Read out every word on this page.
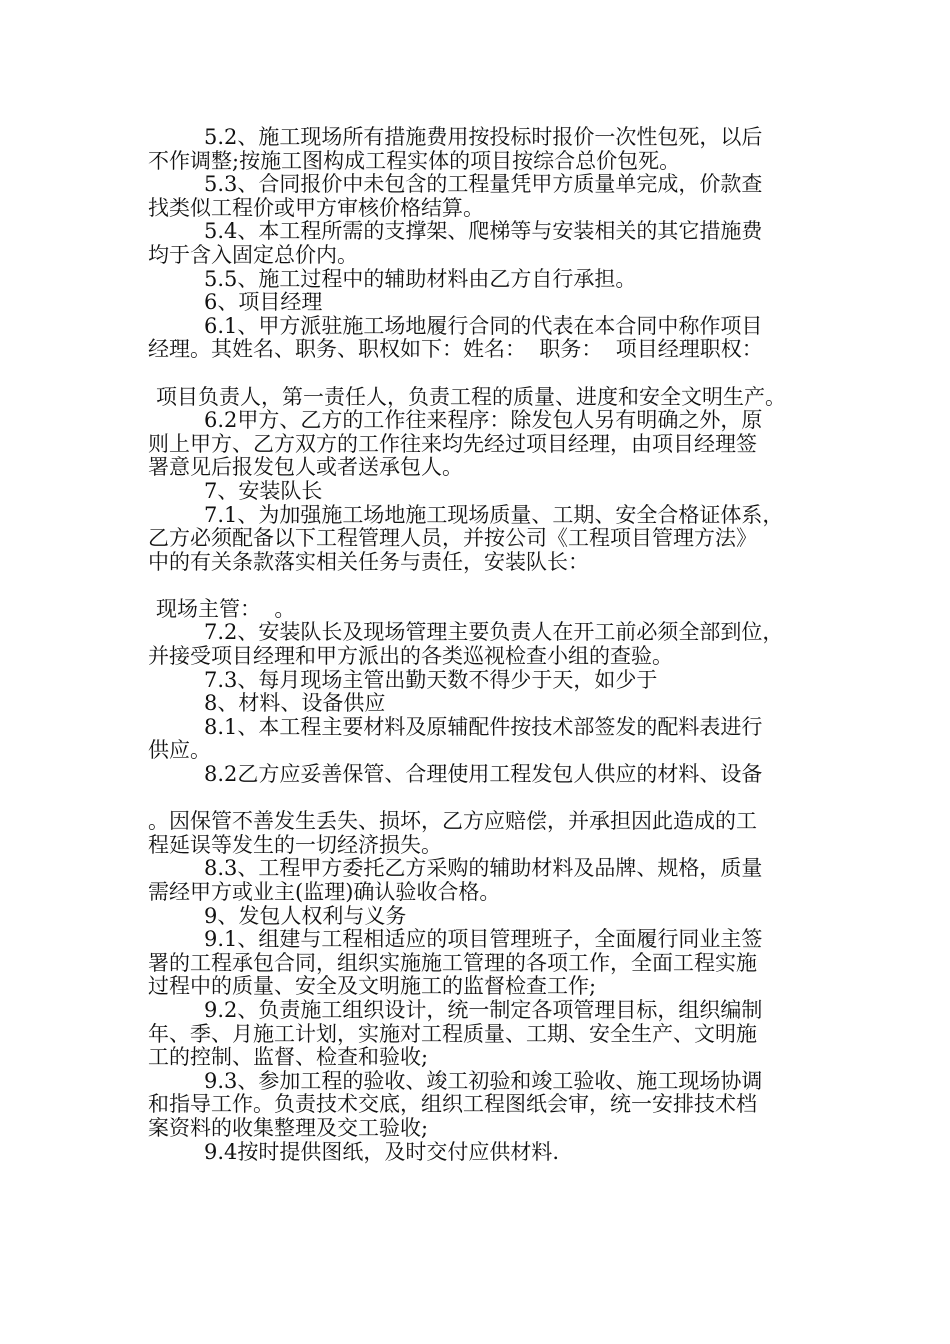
5.2、施工现场所有措施费用按投标时报价一次性包死，以后
不作调整;按施工图构成工程实体的项目按综合总价包死。
5.3、合同报价中未包含的工程量凭甲方质量单完成，价款查
找类似工程价或甲方审核价格结算。
5.4、本工程所需的支撑架、爬梯等与安装相关的其它措施费
均于含入固定总价内。
5.5、施工过程中的辅助材料由乙方自行承担。
6、项目经理
6.1、甲方派驻施工场地履行合同的代表在本合同中称作项目
经理。其姓名、职务、职权如下：姓名：  职务：  项目经理职权：
项目负责人，第一责任人，负责工程的质量、进度和安全文明生产。
6.2甲方、乙方的工作往来程序：除发包人另有明确之外，原
则上甲方、乙方双方的工作往来均先经过项目经理，由项目经理签
署意见后报发包人或者送承包人。
7、安装队长
7.1、为加强施工场地施工现场质量、工期、安全合格证体系，
乙方必须配备以下工程管理人员，并按公司《工程项目管理方法》
中的有关条款落实相关任务与责任，安装队长：
现场主管：  。
7.2、安装队长及现场管理主要负责人在开工前必须全部到位，
并接受项目经理和甲方派出的各类巡视检查小组的查验。
7.3、每月现场主管出勤天数不得少于天，如少于
8、材料、设备供应
8.1、本工程主要材料及原辅配件按技术部签发的配料表进行
供应。
8.2乙方应妥善保管、合理使用工程发包人供应的材料、设备
。因保管不善发生丢失、损坏，乙方应赔偿，并承担因此造成的工
程延误等发生的一切经济损失。
8.3、工程甲方委托乙方采购的辅助材料及品牌、规格，质量
需经甲方或业主(监理)确认验收合格。
9、发包人权利与义务
9.1、组建与工程相适应的项目管理班子，全面履行同业主签
署的工程承包合同，组织实施施工管理的各项工作，全面工程实施
过程中的质量、安全及文明施工的监督检查工作;
9.2、负责施工组织设计，统一制定各项管理目标，组织编制
年、季、月施工计划，实施对工程质量、工期、安全生产、文明施
工的控制、监督、检查和验收;
9.3、参加工程的验收、竣工初验和竣工验收、施工现场协调
和指导工作。负责技术交底，组织工程图纸会审，统一安排技术档
案资料的收集整理及交工验收;
9.4按时提供图纸，及时交付应供材料.
